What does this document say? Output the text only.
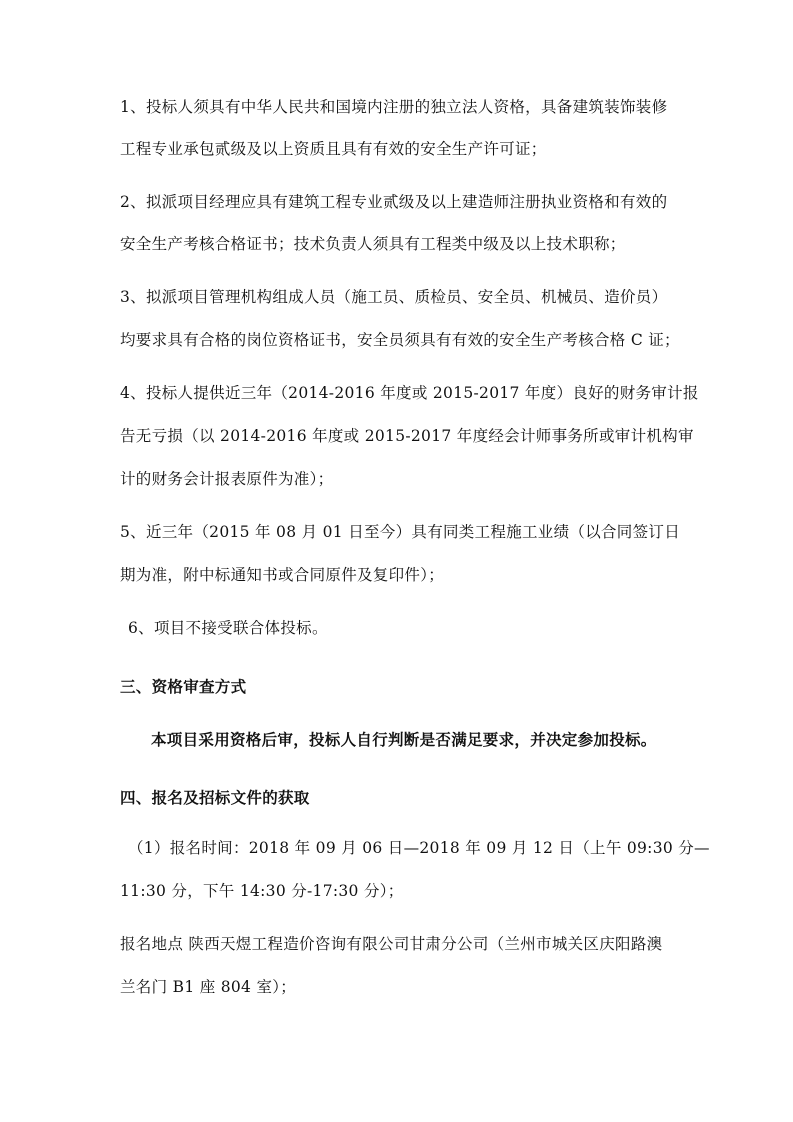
1、投标人须具有中华人民共和国境内注册的独立法人资格，具备建筑装饰装修
工程专业承包贰级及以上资质且具有有效的安全生产许可证；
2、拟派项目经理应具有建筑工程专业贰级及以上建造师注册执业资格和有效的
安全生产考核合格证书；技术负责人须具有工程类中级及以上技术职称；
3、拟派项目管理机构组成人员（施工员、质检员、安全员、机械员、造价员）
均要求具有合格的岗位资格证书，安全员须具有有效的安全生产考核合格 C 证；
4、投标人提供近三年（2014-2016 年度或 2015-2017 年度）良好的财务审计报
告无亏损（以 2014-2016 年度或 2015-2017 年度经会计师事务所或审计机构审
计的财务会计报表原件为准）；
5、近三年（2015 年 08 月 01 日至今）具有同类工程施工业绩（以合同签订日
期为准，附中标通知书或合同原件及复印件）；
6、项目不接受联合体投标。
三、资格审查方式
本项目采用资格后审，投标人自行判断是否满足要求，并决定参加投标。
四、报名及招标文件的获取
（1）报名时间：2018 年 09 月 06 日—2018 年 09 月 12 日（上午 09:30 分—
11:30 分，下午 14:30 分-17:30 分）；
报名地点 陕西天煜工程造价咨询有限公司甘肃分公司（兰州市城关区庆阳路澳
兰名门 B1 座 804 室）；
